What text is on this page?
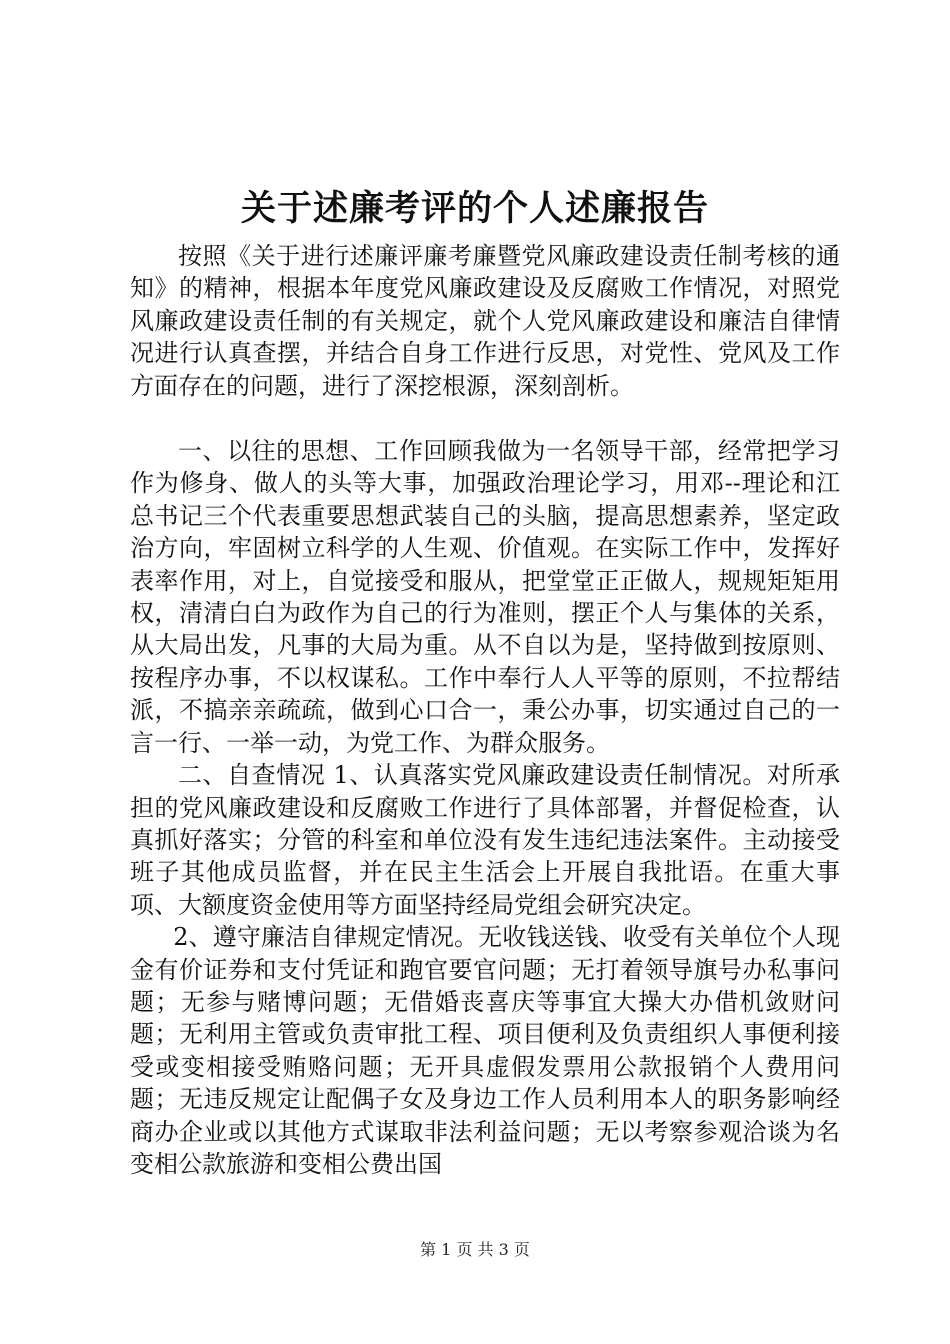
关于述廉考评的个人述廉报告

按照《关于进行述廉评廉考廉暨党风廉政建设责任制考核的通知》的精神，根据本年度党风廉政建设及反腐败工作情况，对照党风廉政建设责任制的有关规定，就个人党风廉政建设和廉洁自律情况进行认真查摆，并结合自身工作进行反思，对党性、党风及工作方面存在的问题，进行了深挖根源，深刻剖析。

一、以往的思想、工作回顾我做为一名领导干部，经常把学习作为修身、做人的头等大事，加强政治理论学习，用邓--理论和江总书记三个代表重要思想武装自己的头脑，提高思想素养，坚定政治方向，牢固树立科学的人生观、价值观。在实际工作中，发挥好表率作用，对上，自觉接受和服从，把堂堂正正做人，规规矩矩用权，清清白白为政作为自己的行为准则，摆正个人与集体的关系，从大局出发，凡事的大局为重。从不自以为是，坚持做到按原则、按程序办事，不以权谋私。工作中奉行人人平等的原则，不拉帮结派，不搞亲亲疏疏，做到心口合一，秉公办事，切实通过自己的一言一行、一举一动，为党工作、为群众服务。

二、自查情况 1、认真落实党风廉政建设责任制情况。对所承担的党风廉政建设和反腐败工作进行了具体部署，并督促检查，认真抓好落实；分管的科室和单位没有发生违纪违法案件。主动接受班子其他成员监督，并在民主生活会上开展自我批语。在重大事项、大额度资金使用等方面坚持经局党组会研究决定。

2、遵守廉洁自律规定情况。无收钱送钱、收受有关单位个人现金有价证券和支付凭证和跑官要官问题；无打着领导旗号办私事问题；无参与赌博问题；无借婚丧喜庆等事宜大操大办借机敛财问题；无利用主管或负责审批工程、项目便利及负责组织人事便利接受或变相接受贿赂问题；无开具虚假发票用公款报销个人费用问题；无违反规定让配偶子女及身边工作人员利用本人的职务影响经商办企业或以其他方式谋取非法利益问题；无以考察参观洽谈为名变相公款旅游和变相公费出国

第 1 页 共 3 页
